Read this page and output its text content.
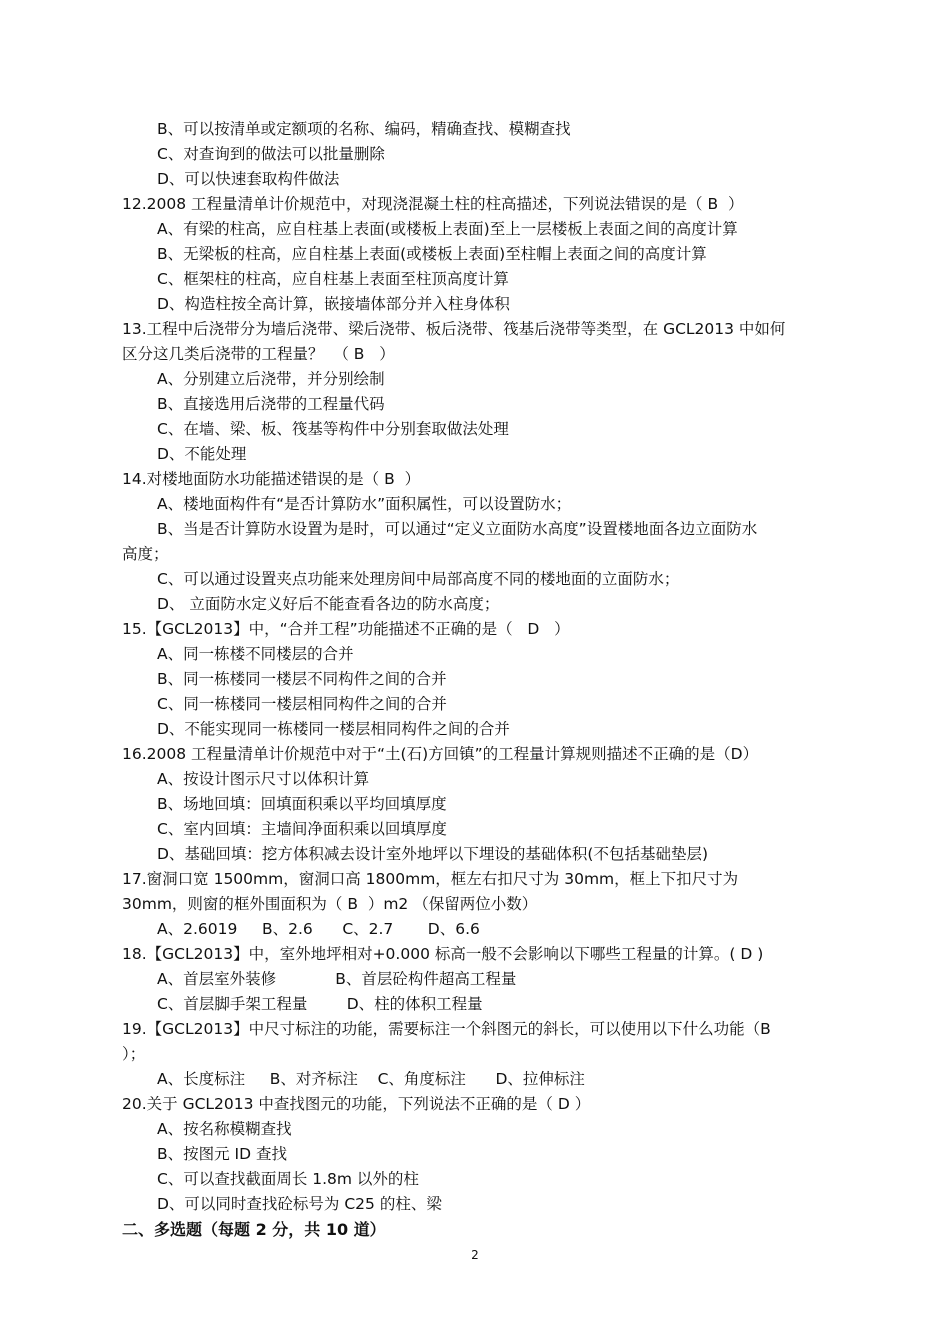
B、可以按清单或定额项的名称、编码，精确查找、模糊查找
C、对查询到的做法可以批量删除
D、可以快速套取构件做法
12.2008 工程量清单计价规范中，对现浇混凝土柱的柱高描述，下列说法错误的是（ B  ）
A、有梁的柱高，应自柱基上表面(或楼板上表面)至上一层楼板上表面之间的高度计算
B、无梁板的柱高，应自柱基上表面(或楼板上表面)至柱帽上表面之间的高度计算
C、框架柱的柱高，应自柱基上表面至柱顶高度计算
D、构造柱按全高计算，嵌接墙体部分并入柱身体积
13.工程中后浇带分为墙后浇带、梁后浇带、板后浇带、筏基后浇带等类型，在 GCL2013 中如何
区分这几类后浇带的工程量？  （ B   ）
A、分别建立后浇带，并分别绘制
B、直接选用后浇带的工程量代码
C、在墙、梁、板、筏基等构件中分别套取做法处理
D、不能处理
14.对楼地面防水功能描述错误的是（ B  ）
A、楼地面构件有“是否计算防水”面积属性，可以设置防水；
B、当是否计算防水设置为是时，可以通过“定义立面防水高度”设置楼地面各边立面防水
高度；
C、可以通过设置夹点功能来处理房间中局部高度不同的楼地面的立面防水；
D、 立面防水定义好后不能查看各边的防水高度；
15.【GCL2013】中，“合并工程”功能描述不正确的是（   D   ）
A、同一栋楼不同楼层的合并
B、同一栋楼同一楼层不同构件之间的合并
C、同一栋楼同一楼层相同构件之间的合并
D、不能实现同一栋楼同一楼层相同构件之间的合并
16.2008 工程量清单计价规范中对于“土(石)方回镇”的工程量计算规则描述不正确的是（D）
A、按设计图示尺寸以体积计算
B、场地回填：回填面积乘以平均回填厚度
C、室内回填：主墙间净面积乘以回填厚度
D、基础回填：挖方体积减去设计室外地坪以下埋设的基础体积(不包括基础垫层)
17.窗洞口宽 1500mm，窗洞口高 1800mm，框左右扣尺寸为 30mm，框上下扣尺寸为
30mm，则窗的框外围面积为（ B  ）m2 （保留两位小数）
A、2.6019     B、2.6      C、2.7       D、6.6
18.【GCL2013】中，室外地坪相对+0.000 标高一般不会影响以下哪些工程量的计算。( D )
A、首层室外装修            B、首层砼构件超高工程量
C、首层脚手架工程量        D、柱的体积工程量
19.【GCL2013】中尺寸标注的功能，需要标注一个斜图元的斜长，可以使用以下什么功能（B
）；
A、长度标注     B、对齐标注    C、角度标注      D、拉伸标注
20.关于 GCL2013 中查找图元的功能，下列说法不正确的是（ D ）
A、按名称模糊查找
B、按图元 ID 查找
C、可以查找截面周长 1.8m 以外的柱
D、可以同时查找砼标号为 C25 的柱、梁
二、多选题（每题 2 分，共 10 道）
2
